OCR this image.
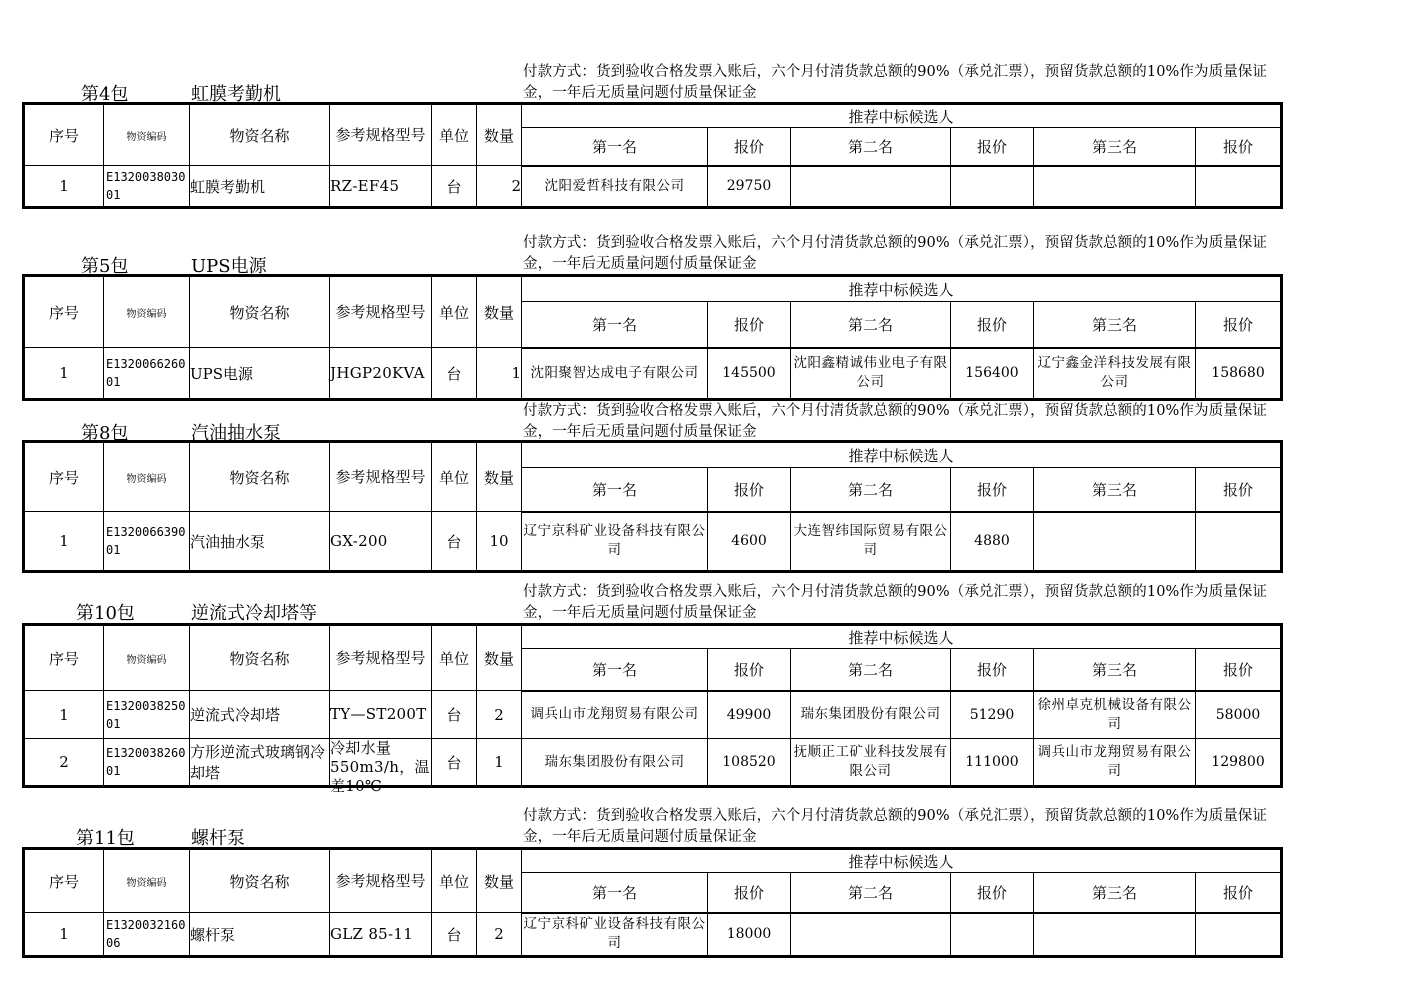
第4包	虹膜考勤机
付款方式：货到验收合格发票入账后，六个月付清货款总额的90%（承兑汇票），预留货款总额的10%作为质量保证金，一年后无质量问题付质量保证金
序号	物资编码	物资名称	参考规格型号	单位	数量	推荐中标候选人					
						第一名	报价	第二名	报价	第三名	报价
1	E132003803001	虹膜考勤机	RZ-EF45	台	2	沈阳爱哲科技有限公司	29750				
第5包	UPS电源
付款方式：货到验收合格发票入账后，六个月付清货款总额的90%（承兑汇票），预留货款总额的10%作为质量保证金，一年后无质量问题付质量保证金
序号	物资编码	物资名称	参考规格型号	单位	数量	推荐中标候选人					
						第一名	报价	第二名	报价	第三名	报价
1	E132006626001	UPS电源	JHGP20KVA	台	1	沈阳聚智达成电子有限公司	145500	沈阳鑫精诚伟业电子有限公司	156400	辽宁鑫金洋科技发展有限公司	158680
第8包	汽油抽水泵
付款方式：货到验收合格发票入账后，六个月付清货款总额的90%（承兑汇票），预留货款总额的10%作为质量保证金，一年后无质量问题付质量保证金
序号	物资编码	物资名称	参考规格型号	单位	数量	推荐中标候选人					
						第一名	报价	第二名	报价	第三名	报价
1	E132006639001	汽油抽水泵	GX-200	台	10	辽宁京科矿业设备科技有限公司	4600	大连智纬国际贸易有限公司	4880		
第10包	逆流式冷却塔等
付款方式：货到验收合格发票入账后，六个月付清货款总额的90%（承兑汇票），预留货款总额的10%作为质量保证金，一年后无质量问题付质量保证金
序号	物资编码	物资名称	参考规格型号	单位	数量	推荐中标候选人					
						第一名	报价	第二名	报价	第三名	报价
1	E132003825001	逆流式冷却塔	TY—ST200T	台	2	调兵山市龙翔贸易有限公司	49900	瑞东集团股份有限公司	51290	徐州卓克机械设备有限公司	58000
2	E132003826001	方形逆流式玻璃钢冷却塔	冷却水量550m3/h，温差10℃	台	1	瑞东集团股份有限公司	108520	抚顺正工矿业科技发展有限公司	111000	调兵山市龙翔贸易有限公司	129800
第11包	螺杆泵
付款方式：货到验收合格发票入账后，六个月付清货款总额的90%（承兑汇票），预留货款总额的10%作为质量保证金，一年后无质量问题付质量保证金
序号	物资编码	物资名称	参考规格型号	单位	数量	推荐中标候选人					
						第一名	报价	第二名	报价	第三名	报价
1	E132003216006	螺杆泵	GLZ 85-11	台	2	辽宁京科矿业设备科技有限公司	18000				
